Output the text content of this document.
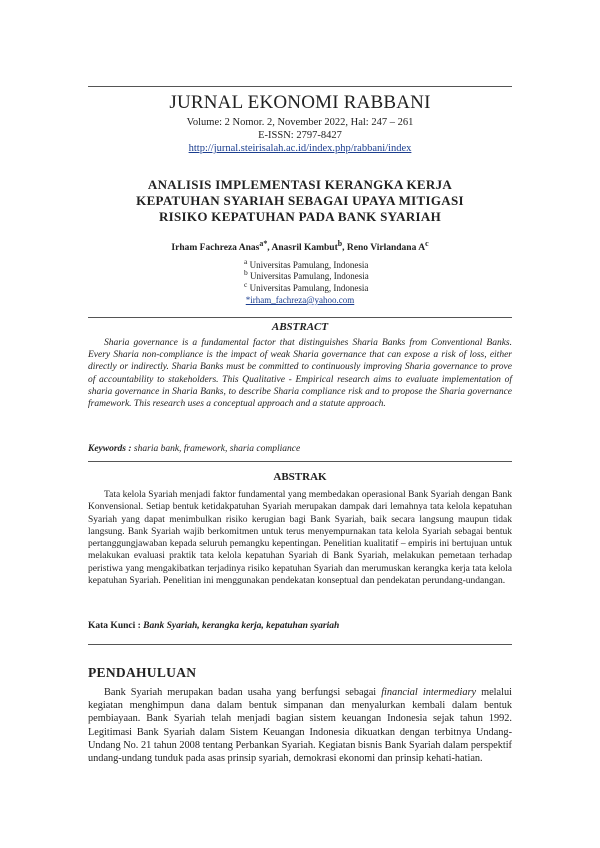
JURNAL EKONOMI RABBANI
Volume: 2 Nomor. 2, November 2022, Hal: 247 – 261
E-ISSN: 2797-8427
http://jurnal.steirisalah.ac.id/index.php/rabbani/index
ANALISIS IMPLEMENTASI KERANGKA KERJA
KEPATUHAN SYARIAH SEBAGAI UPAYA MITIGASI
RISIKO KEPATUHAN PADA BANK SYARIAH
Irham Fachreza Anas$^{a*}$, Anasril Kambut$^b$, Reno Virlandana $A^c$
$^a$ Universitas Pamulang, Indonesia
$^b$ Universitas Pamulang, Indonesia
$^c$ Universitas Pamulang, Indonesia
*irham_fachreza@yahoo.com
ABSTRACT
Sharia governance is a fundamental factor that distinguishes Sharia Banks from Conventional Banks. Every Sharia non-compliance is the impact of weak Sharia governance that can expose a risk of loss, either directly or indirectly. Sharia Banks must be committed to continuously improving Sharia governance to prove of accountability to stakeholders. This Qualitative - Empirical research aims to evaluate implementation of sharia governance in Sharia Banks, to describe Sharia compliance risk and to propose the Sharia governance framework. This research uses a conceptual approach and a statute approach.
Keywords : sharia bank, framework, sharia compliance
ABSTRAK
Tata kelola Syariah menjadi faktor fundamental yang membedakan operasional Bank Syariah dengan Bank Konvensional. Setiap bentuk ketidakpatuhan Syariah merupakan dampak dari lemahnya tata kelola kepatuhan Syariah yang dapat menimbulkan risiko kerugian bagi Bank Syariah, baik secara langsung maupun tidak langsung. Bank Syariah wajib berkomitmen untuk terus menyempurnakan tata kelola Syariah sebagai bentuk pertanggungjawaban kepada seluruh pemangku kepentingan. Penelitian kualitatif – empiris ini bertujuan untuk melakukan evaluasi praktik tata kelola kepatuhan Syariah di Bank Syariah, melakukan pemetaan terhadap peristiwa yang mengakibatkan terjadinya risiko kepatuhan Syariah dan merumuskan kerangka kerja tata kelola kepatuhan Syariah. Penelitian ini menggunakan pendekatan konseptual dan pendekatan perundang-undangan.
Kata Kunci : Bank Syariah, kerangka kerja, kepatuhan syariah
PENDAHULUAN
Bank Syariah merupakan badan usaha yang berfungsi sebagai financial intermediary melalui kegiatan menghimpun dana dalam bentuk simpanan dan menyalurkan kembali dalam bentuk pembiayaan. Bank Syariah telah menjadi bagian sistem keuangan Indonesia sejak tahun 1992. Legitimasi Bank Syariah dalam Sistem Keuangan Indonesia dikuatkan dengan terbitnya Undang-Undang No. 21 tahun 2008 tentang Perbankan Syariah. Kegiatan bisnis Bank Syariah dalam perspektif undang-undang tunduk pada asas prinsip syariah, demokrasi ekonomi dan prinsip kehati-hatian.
